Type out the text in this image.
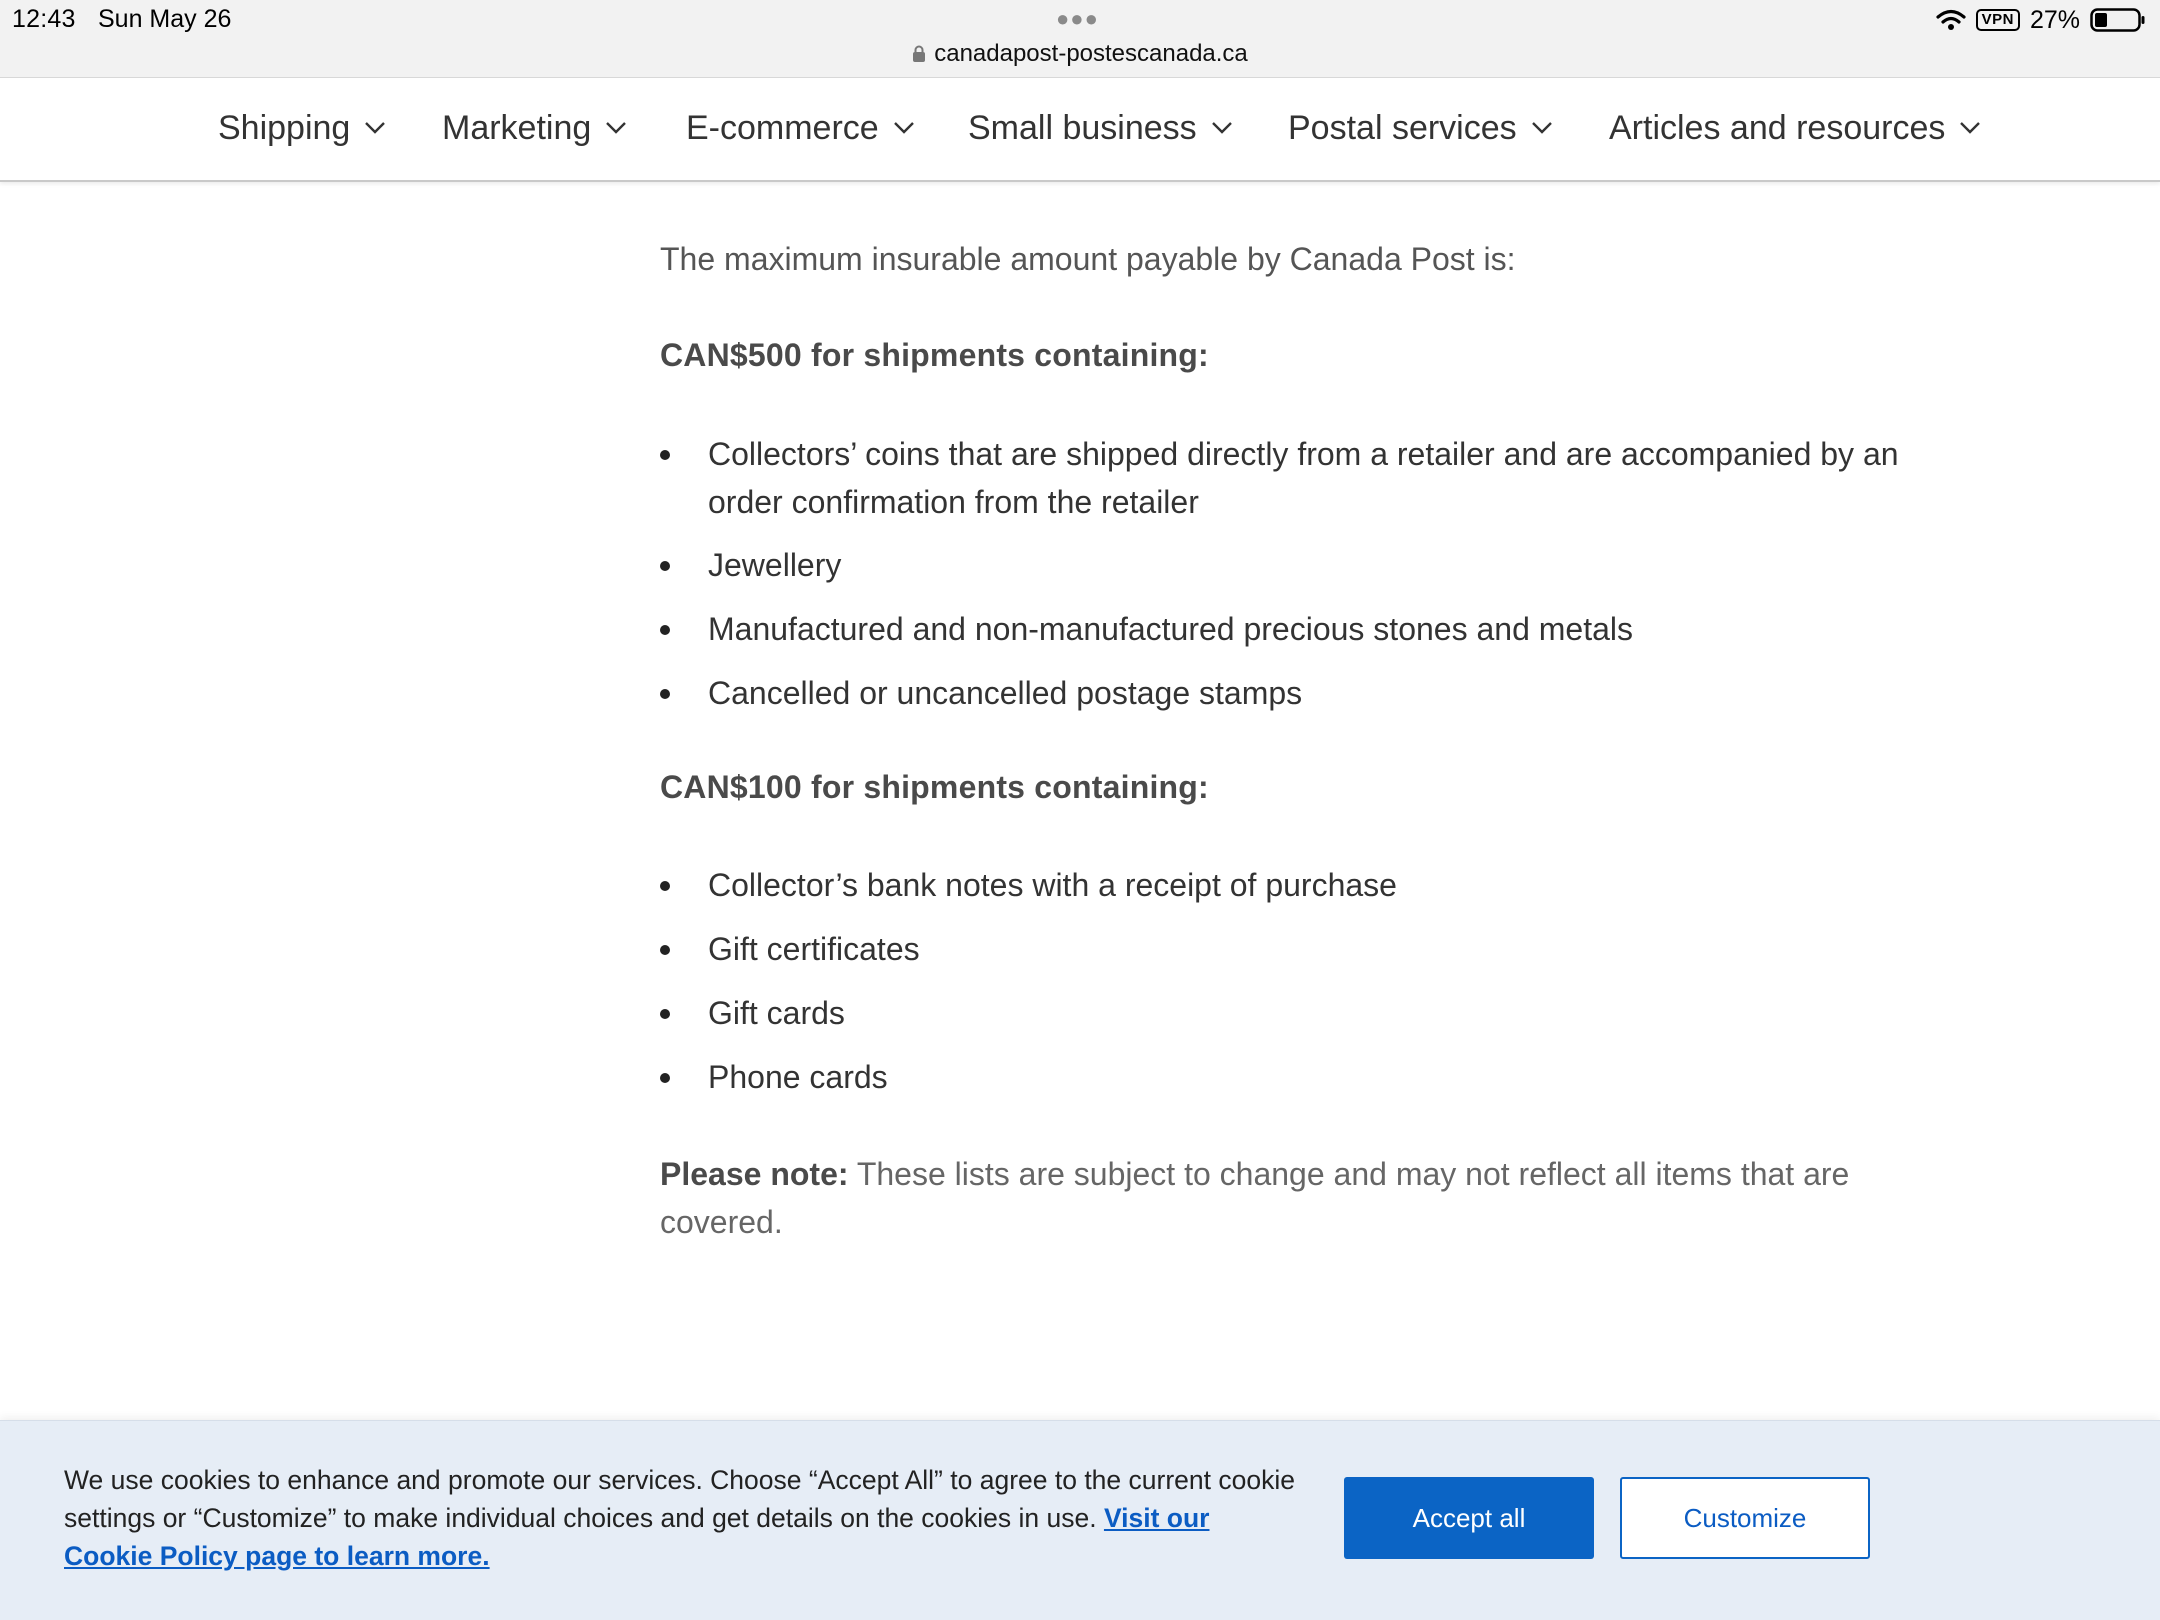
12:43 Sun May 26	●●●
canadapost-postescanada.ca
VPN 27%
Shipping	Marketing	E-commerce	Small business	Postal services	Articles and resources

The maximum insurable amount payable by Canada Post is:

CAN$500 for shipments containing:
Collectors’ coins that are shipped directly from a retailer and are accompanied by an order confirmation from the retailer
Jewellery
Manufactured and non-manufactured precious stones and metals
Cancelled or uncancelled postage stamps
CAN$100 for shipments containing:
Collector’s bank notes with a receipt of purchase
Gift certificates
Gift cards
Phone cards

Please note: These lists are subject to change and may not reflect all items that are covered.

We use cookies to enhance and promote our services. Choose “Accept All” to agree to the current cookie settings or “Customize” to make individual choices and get details on the cookies in use. Visit our Cookie Policy page to learn more.

Accept all	Customize
